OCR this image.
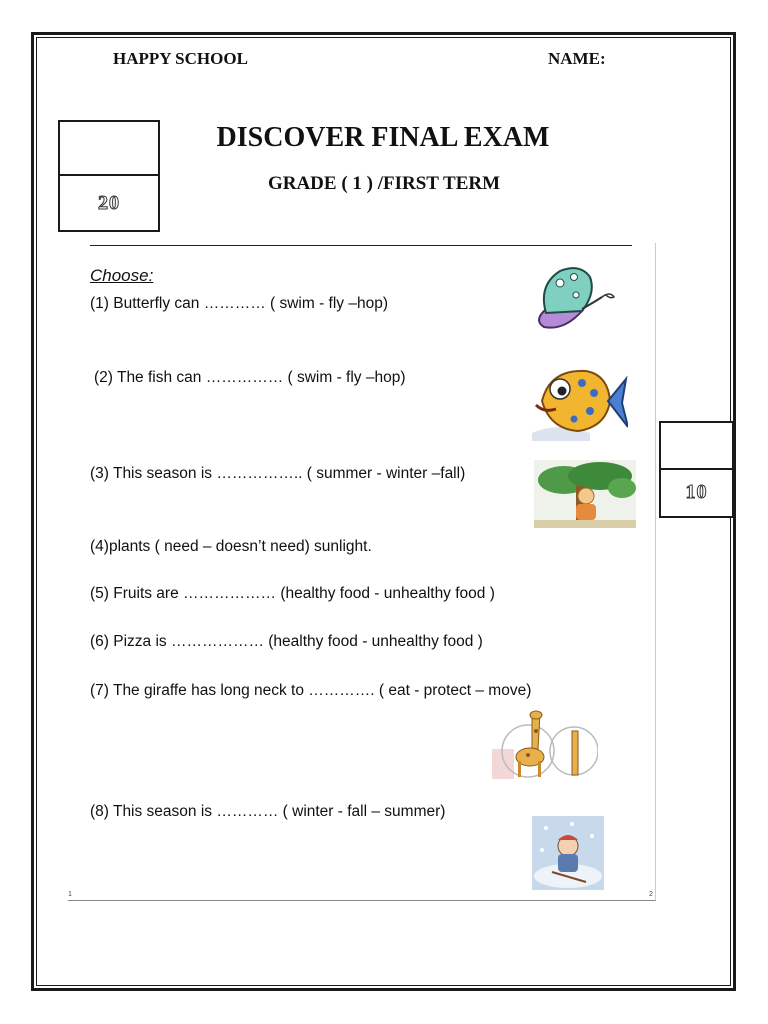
HAPPY SCHOOL	NAME:
DISCOVER FINAL EXAM
GRADE ( 1 ) /FIRST TERM
20
10
Choose:
(1) Butterfly can ………… ( swim - fly –hop)
(2) The fish can …………… ( swim - fly –hop)
(3) This season is …………….. ( summer - winter –fall)
(4)plants ( need – doesn’t need) sunlight.
(5) Fruits are ……………… (healthy food - unhealthy food )
(6) Pizza is ……………… (healthy food - unhealthy food )
(7) The giraffe has long neck to …………. ( eat - protect – move)
(8) This season is ………… ( winter - fall – summer)
1	2
